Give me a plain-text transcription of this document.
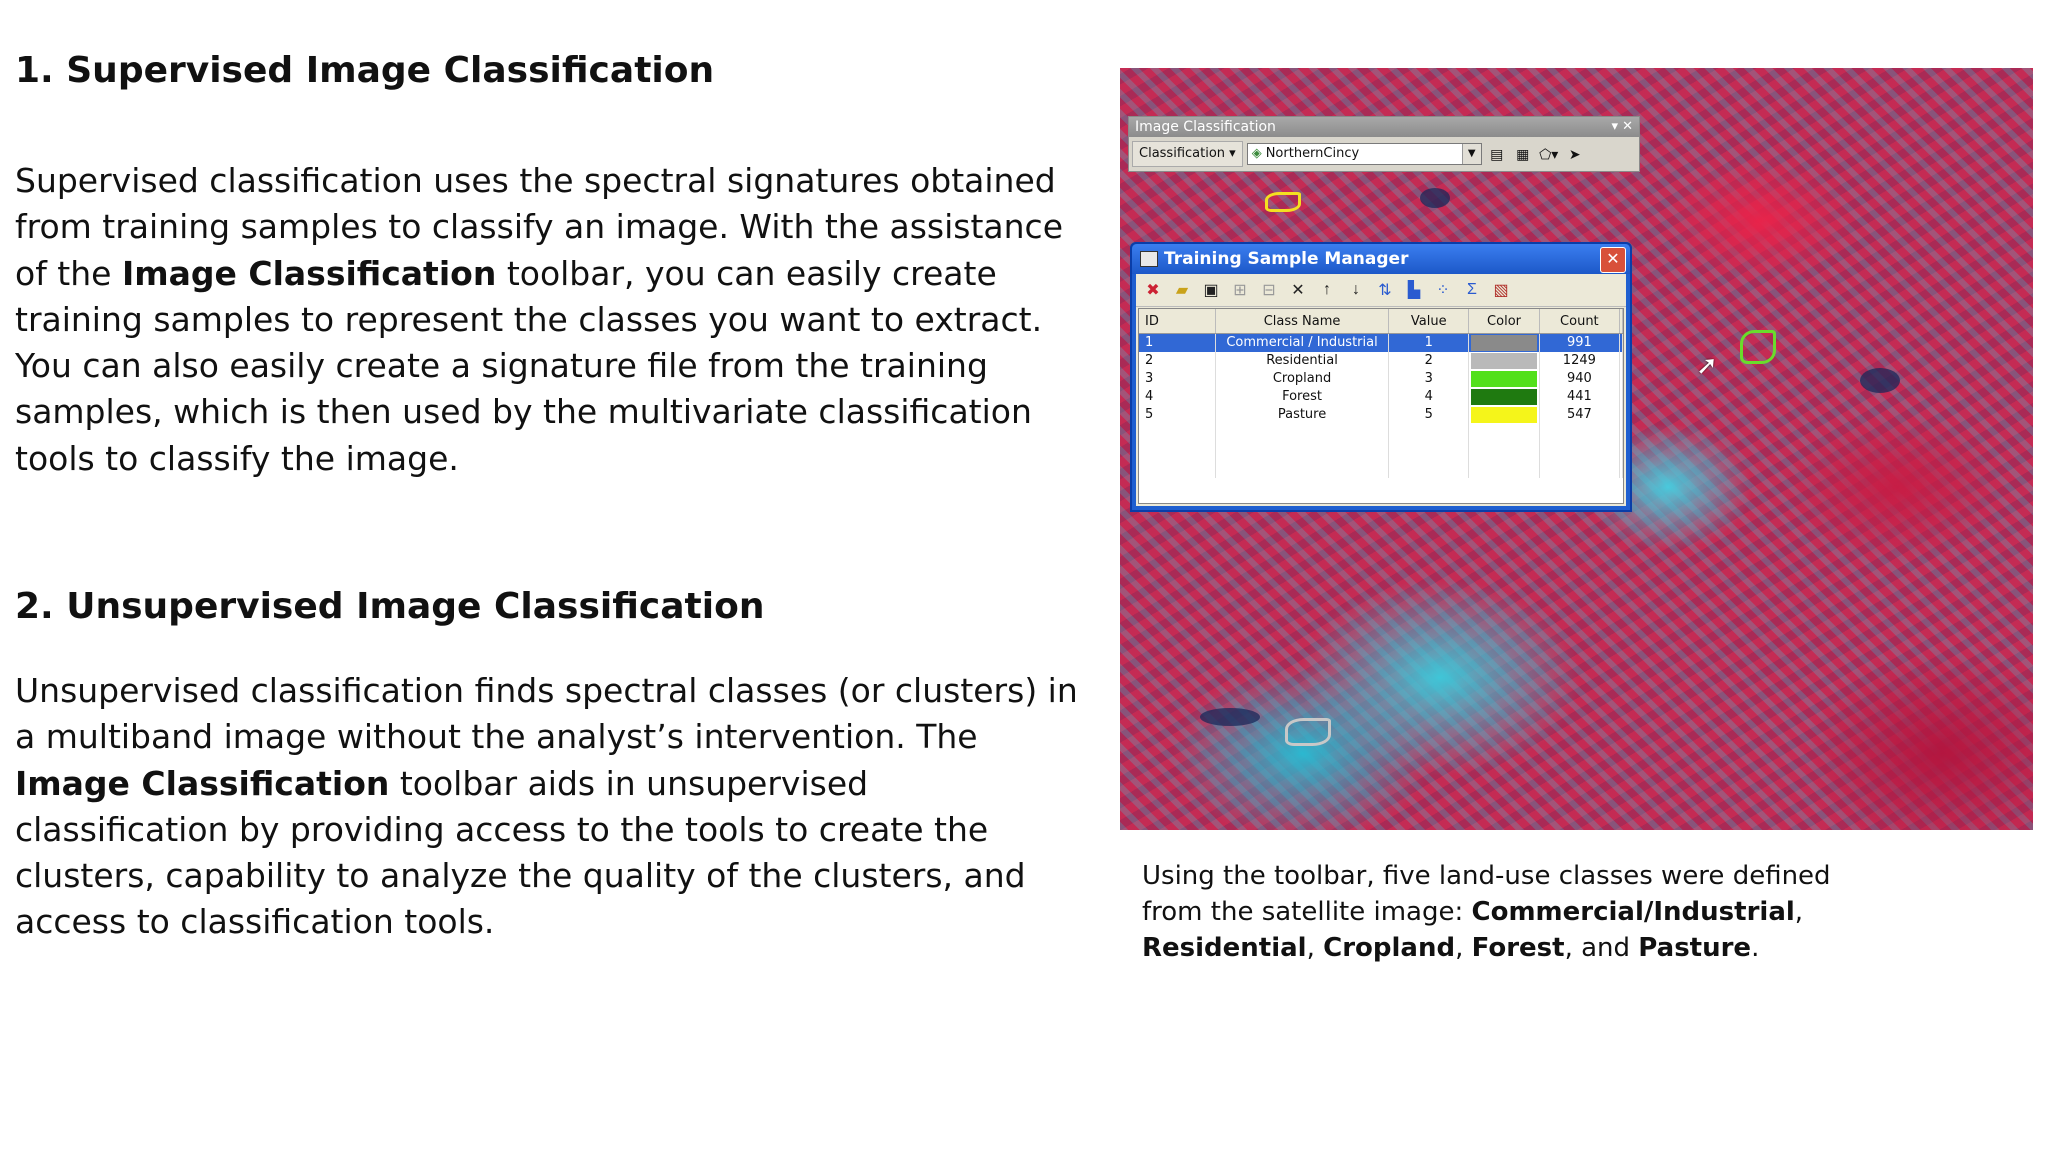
1. Supervised Image Classification

Supervised classification uses the spectral signatures obtained from training samples to classify an image. With the assistance of the Image Classification toolbar, you can easily create training samples to represent the classes you want to extract. You can also easily create a signature file from the training samples, which is then used by the multivariate classification tools to classify the image.

2. Unsupervised Image Classification

Unsupervised classification finds spectral classes (or clusters) in a multiband image without the analyst’s intervention. The Image Classification toolbar aids in unsupervised classification by providing access to the tools to create the clusters, capability to analyze the quality of the clusters, and access to classification tools.

Image Classification	▾ ✕
Classification ▾	◈ NorthernCincy	▼	▤ ▦ ⬠▾ ➤
Training Sample Manager	✕
✖	▰ ▣ ⊞ ⊟ ✕	↑	↓	⇅	▙	⁘	Σ	▧
ID	Class Name	Value	Color	Count	
1	Commercial / Industrial	1		991	
2	Residential	2		1249	
3	Cropland	3		940	
4	Forest	4		441	
5	Pasture	5		547	

➚
Using the toolbar, five land-use classes were defined from the satellite image: Commercial/Industrial, Residential, Cropland, Forest, and Pasture.
